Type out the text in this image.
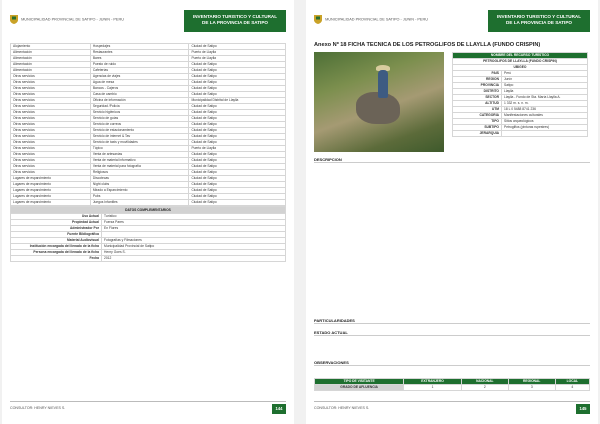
MUNICIPALIDAD PROVINCIAL DE SATIPO - JUNIN - PERU
INVENTARIO TURISTICO Y CULTURAL
DE LA PROVINCIA DE SATIPO
Alojamiento	Hospedajes	Ciudad de Satipo
Alimentación	Restaurantes	Puerto de Llaylla
Alimentación	Bares	Puerto de Llaylla
Alimentación	Puesto de ruido	Ciudad de Satipo
Alimentación	Cafeterías	Ciudad de Satipo
Otros servicios	Agencias de viajes	Ciudad de Satipo
Otros servicios	Agua de mesa	Ciudad de Satipo
Otros servicios	Bancos - Cajeros	Ciudad de Satipo
Otros servicios	Casa de cambio	Ciudad de Satipo
Otros servicios	Oficina de información	Municipalidad Distrital de Llaylla
Otros servicios	Seguridad /Policía	Ciudad de Satipo
Otros servicios	Servicio higiénicos	Ciudad de Satipo
Otros servicios	Servicio de guías	Ciudad de Satipo
Otros servicios	Servicio de correos	Ciudad de Satipo
Otros servicios	Servicio de estacionamiento	Ciudad de Satipo
Otros servicios	Servicio de internet & Tav	Ciudad de Satipo
Otros servicios	Servicio de taxis y movilidades	Ciudad de Satipo
Otros servicios	Tópico	Puerto de Llaylla
Otros servicios	Venta de artesanías	Ciudad de Satipo
Otros servicios	Venta de material informativo	Ciudad de Satipo
Otros servicios	Venta de material para fotografía	Ciudad de Satipo
Otros servicios	Religiosos	Ciudad de Satipo
Lugares de esparcimiento	Discotecas	Ciudad de Satipo
Lugares de esparcimiento	Night clubs	Ciudad de Satipo
Lugares de esparcimiento	Mirado a Esparcimiento	Ciudad de Satipo
Lugares de esparcimiento	Pubs	Ciudad de Satipo
Lugares de esparcimiento	Juegos Infantiles	Ciudad de Satipo
DATOS COMPLEMENTARIOS	
Uso Actual	Turístico
Propiedad Actual	Fuerza Pares
Administrador Por	En Flores
Fuente Bibliográfica	
Material Audiovisual	Fotografías y Filmaciones
Institución encargada del llenado de la ficha	Municipalidad Provincial de Satipo
Persona encargada del llenado de la ficha	Henry Goes S.
Fecha	2012
CONSULTOR: HENRY NIEVES S.	144
MUNICIPALIDAD PROVINCIAL DE SATIPO - JUNIN - PERU
INVENTARIO TURISTICO Y CULTURAL
DE LA PROVINCIA DE SATIPO
Anexo Nº 18 FICHA TECNICA DE LOS PETROGLIFOS DE LLAYLLA (FUNDO CRISPIN)
NOMBRE DEL RECURSO TURÍSTICO	
PETROGLIFOS DE LLAYLLA (FUNDO CRISPIN)	
UBIGEO	
PAIS	Perú
REGION	Junín
PROVINCIA	Satipo
DISTRITO	Llaylla
SECTOR	Llaylla - Fundo de Sta. María Llaylla A.
ALTITUD	1 332 m. s. n. m.
UTM	18 L 0 5488 8741 236
CATEGORIA	Manifestaciones culturales
TIPO	Sitios arqueológicos
SUBTIPO	Petroglifos (pinturas rupestres)
JERARQUIA	
DESCRIPCION
PARTICULARIDADES
ESTADO ACTUAL
OBSERVACIONES
TIPO DE VISITANTE	EXTRANJERO	NACIONAL	REGIONAL	LOCAL
GRADO DE AFLUENCIA	1	2	3	4
CONSULTOR: HENRY NIEVES S.	145
